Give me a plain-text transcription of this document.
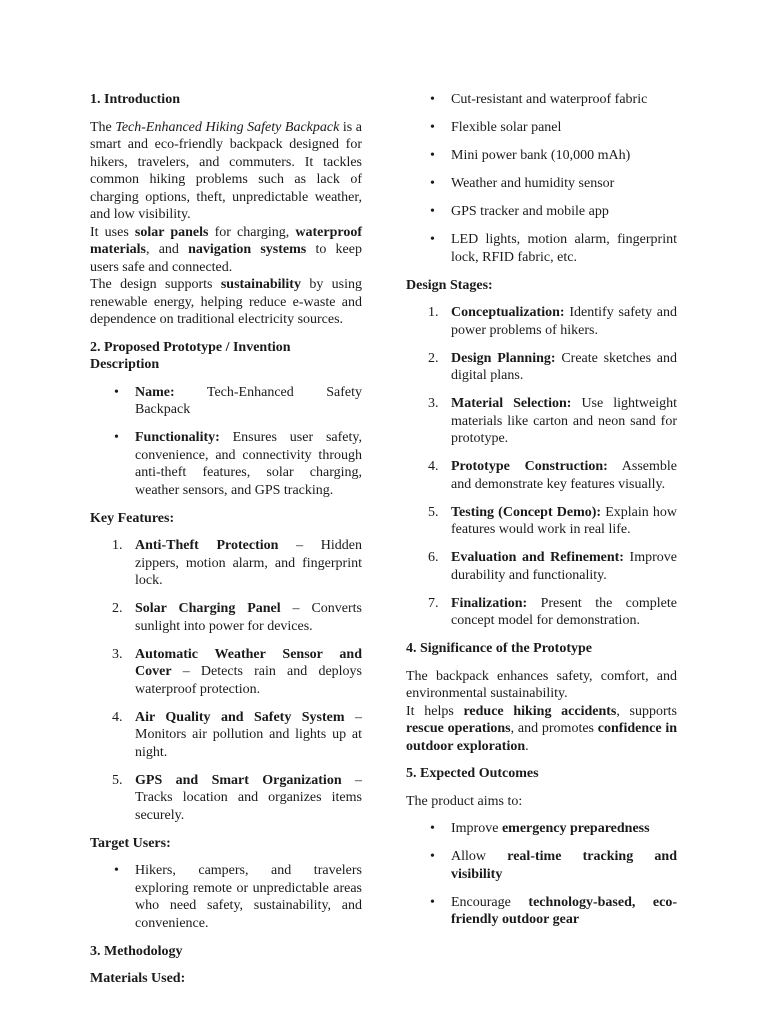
1. Introduction

The Tech-Enhanced Hiking Safety Backpack is a smart and eco-friendly backpack designed for hikers, travelers, and commuters. It tackles common hiking problems such as lack of charging options, theft, unpredictable weather, and low visibility.
It uses solar panels for charging, waterproof materials, and navigation systems to keep users safe and connected.
The design supports sustainability by using renewable energy, helping reduce e-waste and dependence on traditional electricity sources.

2. Proposed Prototype / Invention Description
• Name: Tech-Enhanced Safety Backpack
• Functionality: Ensures user safety, convenience, and connectivity through anti-theft features, solar charging, weather sensors, and GPS tracking.
Key Features:
1. Anti-Theft Protection – Hidden zippers, motion alarm, and fingerprint lock.
2. Solar Charging Panel – Converts sunlight into power for devices.
3. Automatic Weather Sensor and Cover – Detects rain and deploys waterproof protection.
4. Air Quality and Safety System – Monitors air pollution and lights up at night.
5. GPS and Smart Organization – Tracks location and organizes items securely.
Target Users:
• Hikers, campers, and travelers exploring remote or unpredictable areas who need safety, sustainability, and convenience.
3. Methodology
Materials Used:
• Cut-resistant and waterproof fabric
• Flexible solar panel
• Mini power bank (10,000 mAh)
• Weather and humidity sensor
• GPS tracker and mobile app
• LED lights, motion alarm, fingerprint lock, RFID fabric, etc.
Design Stages:
1. Conceptualization: Identify safety and power problems of hikers.
2. Design Planning: Create sketches and digital plans.
3. Material Selection: Use lightweight materials like carton and neon sand for prototype.
4. Prototype Construction: Assemble and demonstrate key features visually.
5. Testing (Concept Demo): Explain how features would work in real life.
6. Evaluation and Refinement: Improve durability and functionality.
7. Finalization: Present the complete concept model for demonstration.
4. Significance of the Prototype

The backpack enhances safety, comfort, and environmental sustainability.
It helps reduce hiking accidents, supports rescue operations, and promotes confidence in outdoor exploration.

5. Expected Outcomes

The product aims to:

• Improve emergency preparedness
• Allow real-time tracking and visibility
• Encourage technology-based, eco-friendly outdoor gear
